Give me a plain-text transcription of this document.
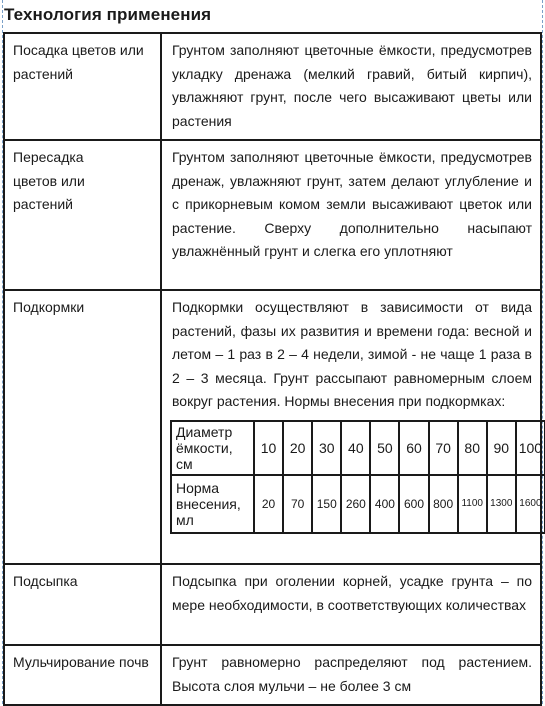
Технология применения
Посадка цветов или растений	Грунтом заполняют цветочные ёмкости, предусмотрев укладку дренажа (мелкий гравий, битый кирпич), увлажняют грунт, после чего высаживают цветы или растения
Пересадка цветов или растений	Грунтом заполняют цветочные ёмкости, предусмотрев дренаж, увлажняют грунт, затем делают углубление и с прикорневым комом земли высаживают цветок или растение. Сверху дополнительно насыпают увлажнённый грунт и слегка его уплотняют
Подкормки	Подкормки осуществляют в зависимости от вида растений, фазы их развития и времени года: весной и летом – 1 раз в 2 – 4 недели, зимой - не чаще 1 раза в 2 – 3 месяца. Грунт рассыпают равномерным слоем вокруг растения. Нормы внесения при подкормках:
Диаметр ёмкости, см	10	20	30	40	50	60	70	80	90	100
Норма внесения, мл	20	70	150	260	400	600	800	1100	1300	1600

Подсыпка	Подсыпка при оголении корней, усадке грунта – по мере необходимости, в соответствующих количествах
Мульчирование почв	Грунт равномерно распределяют под растением. Высота слоя мульчи – не более 3 см
